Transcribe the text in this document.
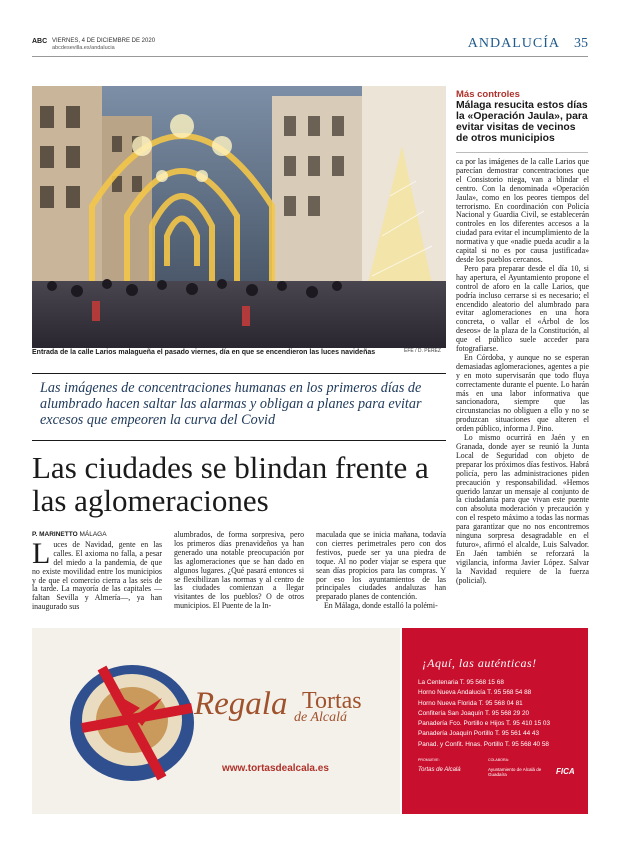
ABC VIERNES, 4 DE DICIEMBRE DE 2020
abcdesevilla.es/andalucia	ANDALUCÍA 35
EFE / D. PÉREZ

Entrada de la calle Larios malagueña el pasado viernes, día en que se encendieron las luces navideñas

Más controles
Málaga resucita estos días la «Operación Jaula», para evitar visitas de vecinos de otros municipios

ca por las imágenes de la calle Larios que parecían demostrar concentraciones que el Consistorio niega, van a blindar el centro. Con la denominada «Operación Jaula», como en los peores tiempos del terrorismo. En coordinación con Policía Nacional y Guardia Civil, se establecerán controles en los diferentes accesos a la ciudad para evitar el incumplimiento de la normativa y que «nadie pueda acudir a la capital si no es por causa justificada» desde los pueblos cercanos.

Pero para preparar desde el día 10, si hay apertura, el Ayuntamiento propone el control de aforo en la calle Larios, que podría incluso cerrarse si es necesario; el encendido aleatorio del alumbrado para evitar aglomeraciones en una hora concreta, o vallar el «Árbol de los deseos» de la plaza de la Constitución, al que el público suele acceder para fotografiarse.

En Córdoba, y aunque no se esperan demasiadas aglomeraciones, agentes a pie y en moto supervisarán que todo fluya correctamente durante el puente. Lo harán más en una labor informativa que sancionadora, siempre que las circunstancias no obliguen a ello y no se produzcan situaciones que alteren el orden público, informa J. Pino.

Lo mismo ocurrirá en Jaén y en Granada, donde ayer se reunió la Junta Local de Seguridad con objeto de preparar los próximos días festivos. Habrá policía, pero las administraciones piden precaución y responsabilidad. «Hemos querido lanzar un mensaje al conjunto de la ciudadanía para que vivan este puente con absoluta moderación y precaución y con el respeto máximo a todas las normas para garantizar que no nos encontremos ninguna sorpresa desagradable en el futuro», afirmó el alcalde, Luis Salvador. En Jaén también se reforzará la vigilancia, informa Javier López. Salvar la Navidad requiere de la fuerza (policial).

Las imágenes de concentraciones humanas en los primeros días de alumbrado hacen saltar las alarmas y obligan a planes para evitar excesos que empeoren la curva del Covid

Las ciudades se blindan frente a las aglomeraciones
P. MARINETTO MÁLAGA

Luces de Navidad, gente en las calles. El axioma no falla, a pesar del miedo a la pandemia, de que no existe movilidad entre los municipios y de que el comercio cierra a las seis de la tarde. La mayoría de las capitales —faltan Sevilla y Almería—, ya han inaugurado sus

alumbrados, de forma sorpresiva, pero los primeros días prenavideños ya han generado una notable preocupación por las aglomeraciones que se han dado en algunos lugares. ¿Qué pasará entonces si se flexibilizan las normas y al centro de las ciudades comienzan a llegar visitantes de los pueblos? O de otros municipios. El Puente de la In-

maculada que se inicia mañana, todavía con cierres perimetrales pero con dos festivos, puede ser ya una piedra de toque. Al no poder viajar se espera que sean días propicios para las compras. Y por eso los ayuntamientos de las principales ciudades andaluzas han preparado planes de contención.

En Málaga, donde estalló la polémi-

Regala Tortas
de Alcalá
www.tortasdealcala.es
¡Aquí, las auténticas!
La Centenaria T. 95 568 15 68
Horno Nueva Andalucía T. 95 568 54 88
Horno Nueva Florida T. 95 568 04 81
Confitería San Joaquín T. 95 568 29 20
Panadería Fco. Portillo e Hijos T. 95 410 15 03
Panadería Joaquín Portillo T. 95 561 44 43
Panad. y Confit. Hnas. Portillo T. 95 568 40 58
PROMUEVE:	COLABORA:
Tortas de Alcalá	Ayuntamiento de Alcalá de Guadaíra	FICA
